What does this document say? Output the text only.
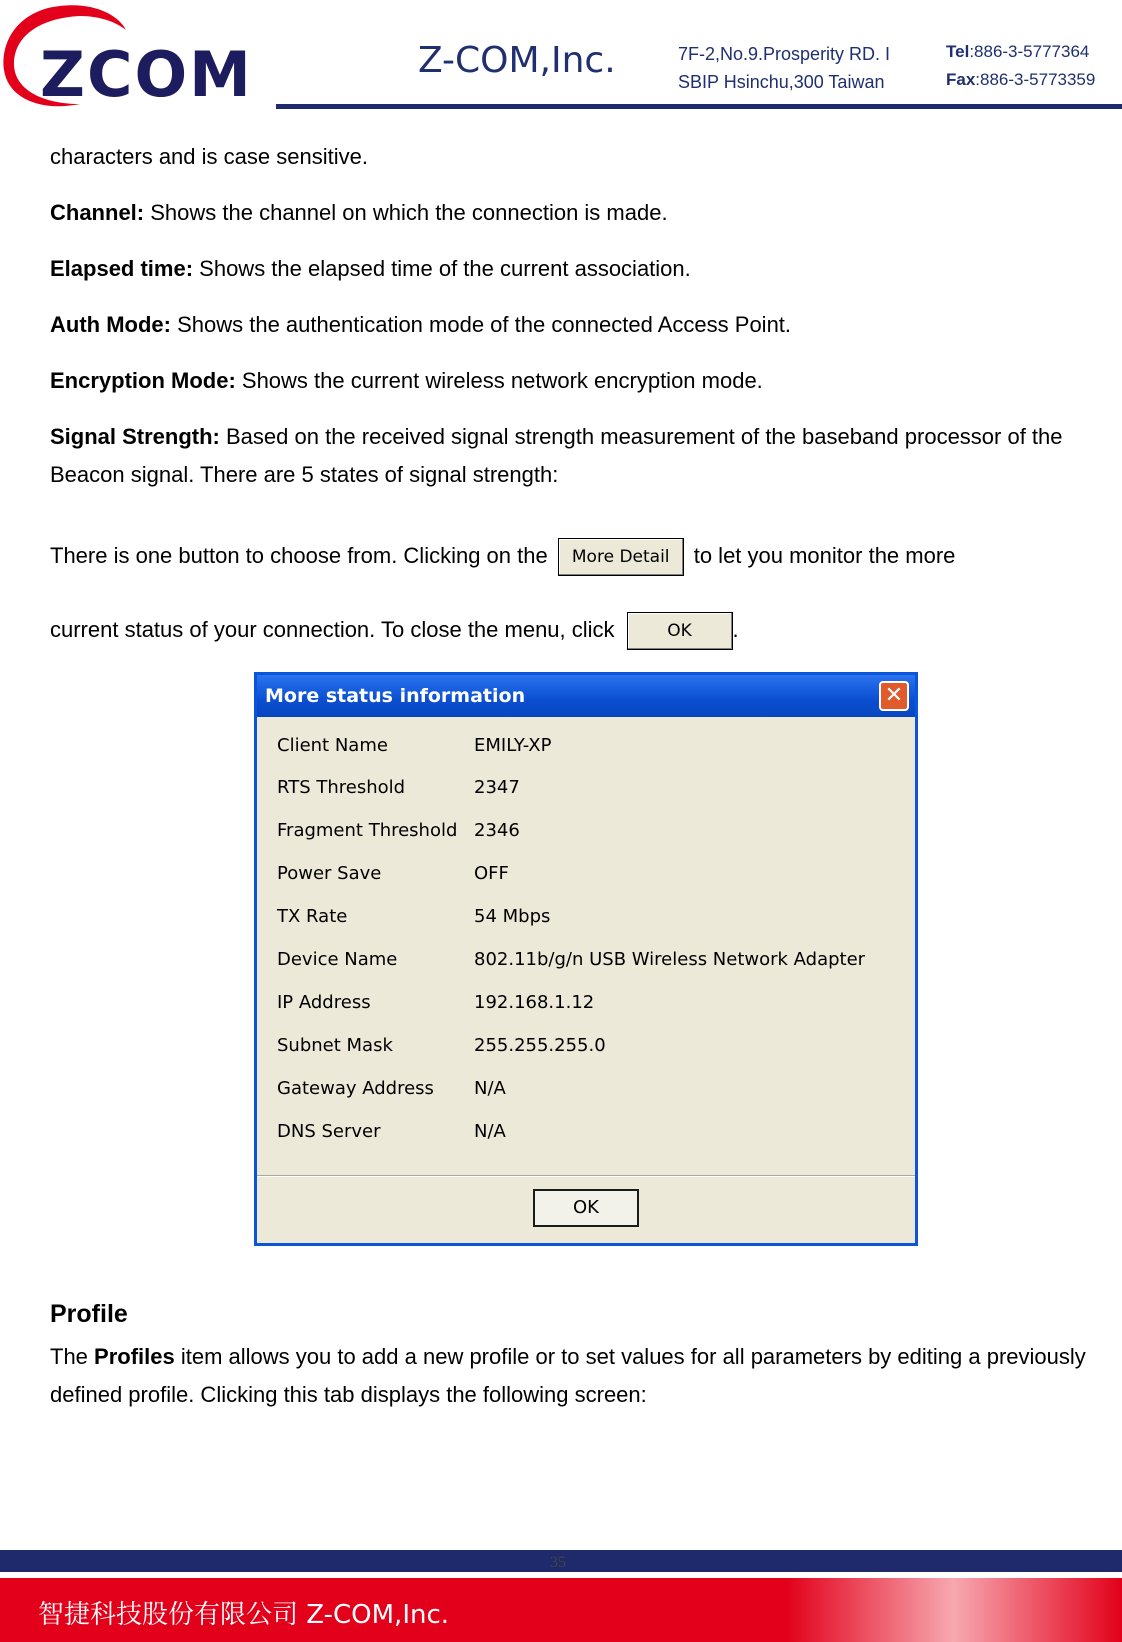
ZCOM	Z-COM,Inc.	7F-2,No.9.Prosperity RD. I
SBIP Hsinchu,300 Taiwan
Tel:886-3-5777364
Fax:886-3-5773359
characters and is case sensitive.
Channel: Shows the channel on which the connection is made.
Elapsed time: Shows the elapsed time of the current association.
Auth Mode: Shows the authentication mode of the connected Access Point.
Encryption Mode: Shows the current wireless network encryption mode.
Signal Strength: Based on the received signal strength measurement of the baseband processor of the Beacon signal. There are 5 states of signal strength:
There is one button to choose from. Clicking on the More Detail to let you monitor the more
current status of your connection. To close the menu, click	OK .
More status information	✕
Client Name	EMILY-XP
RTS Threshold	2347
Fragment Threshold 2346
Power Save	OFF
TX Rate	54 Mbps
Device Name	802.11b/g/n USB Wireless Network Adapter
IP Address	192.168.1.12
Subnet Mask	255.255.255.0
Gateway Address	N/A
DNS Server	N/A
OK
Profile
The Profiles item allows you to add a new profile or to set values for all parameters by editing a previously defined profile. Clicking this tab displays the following screen:
35
智捷科技股份有限公司 Z-COM,Inc.
